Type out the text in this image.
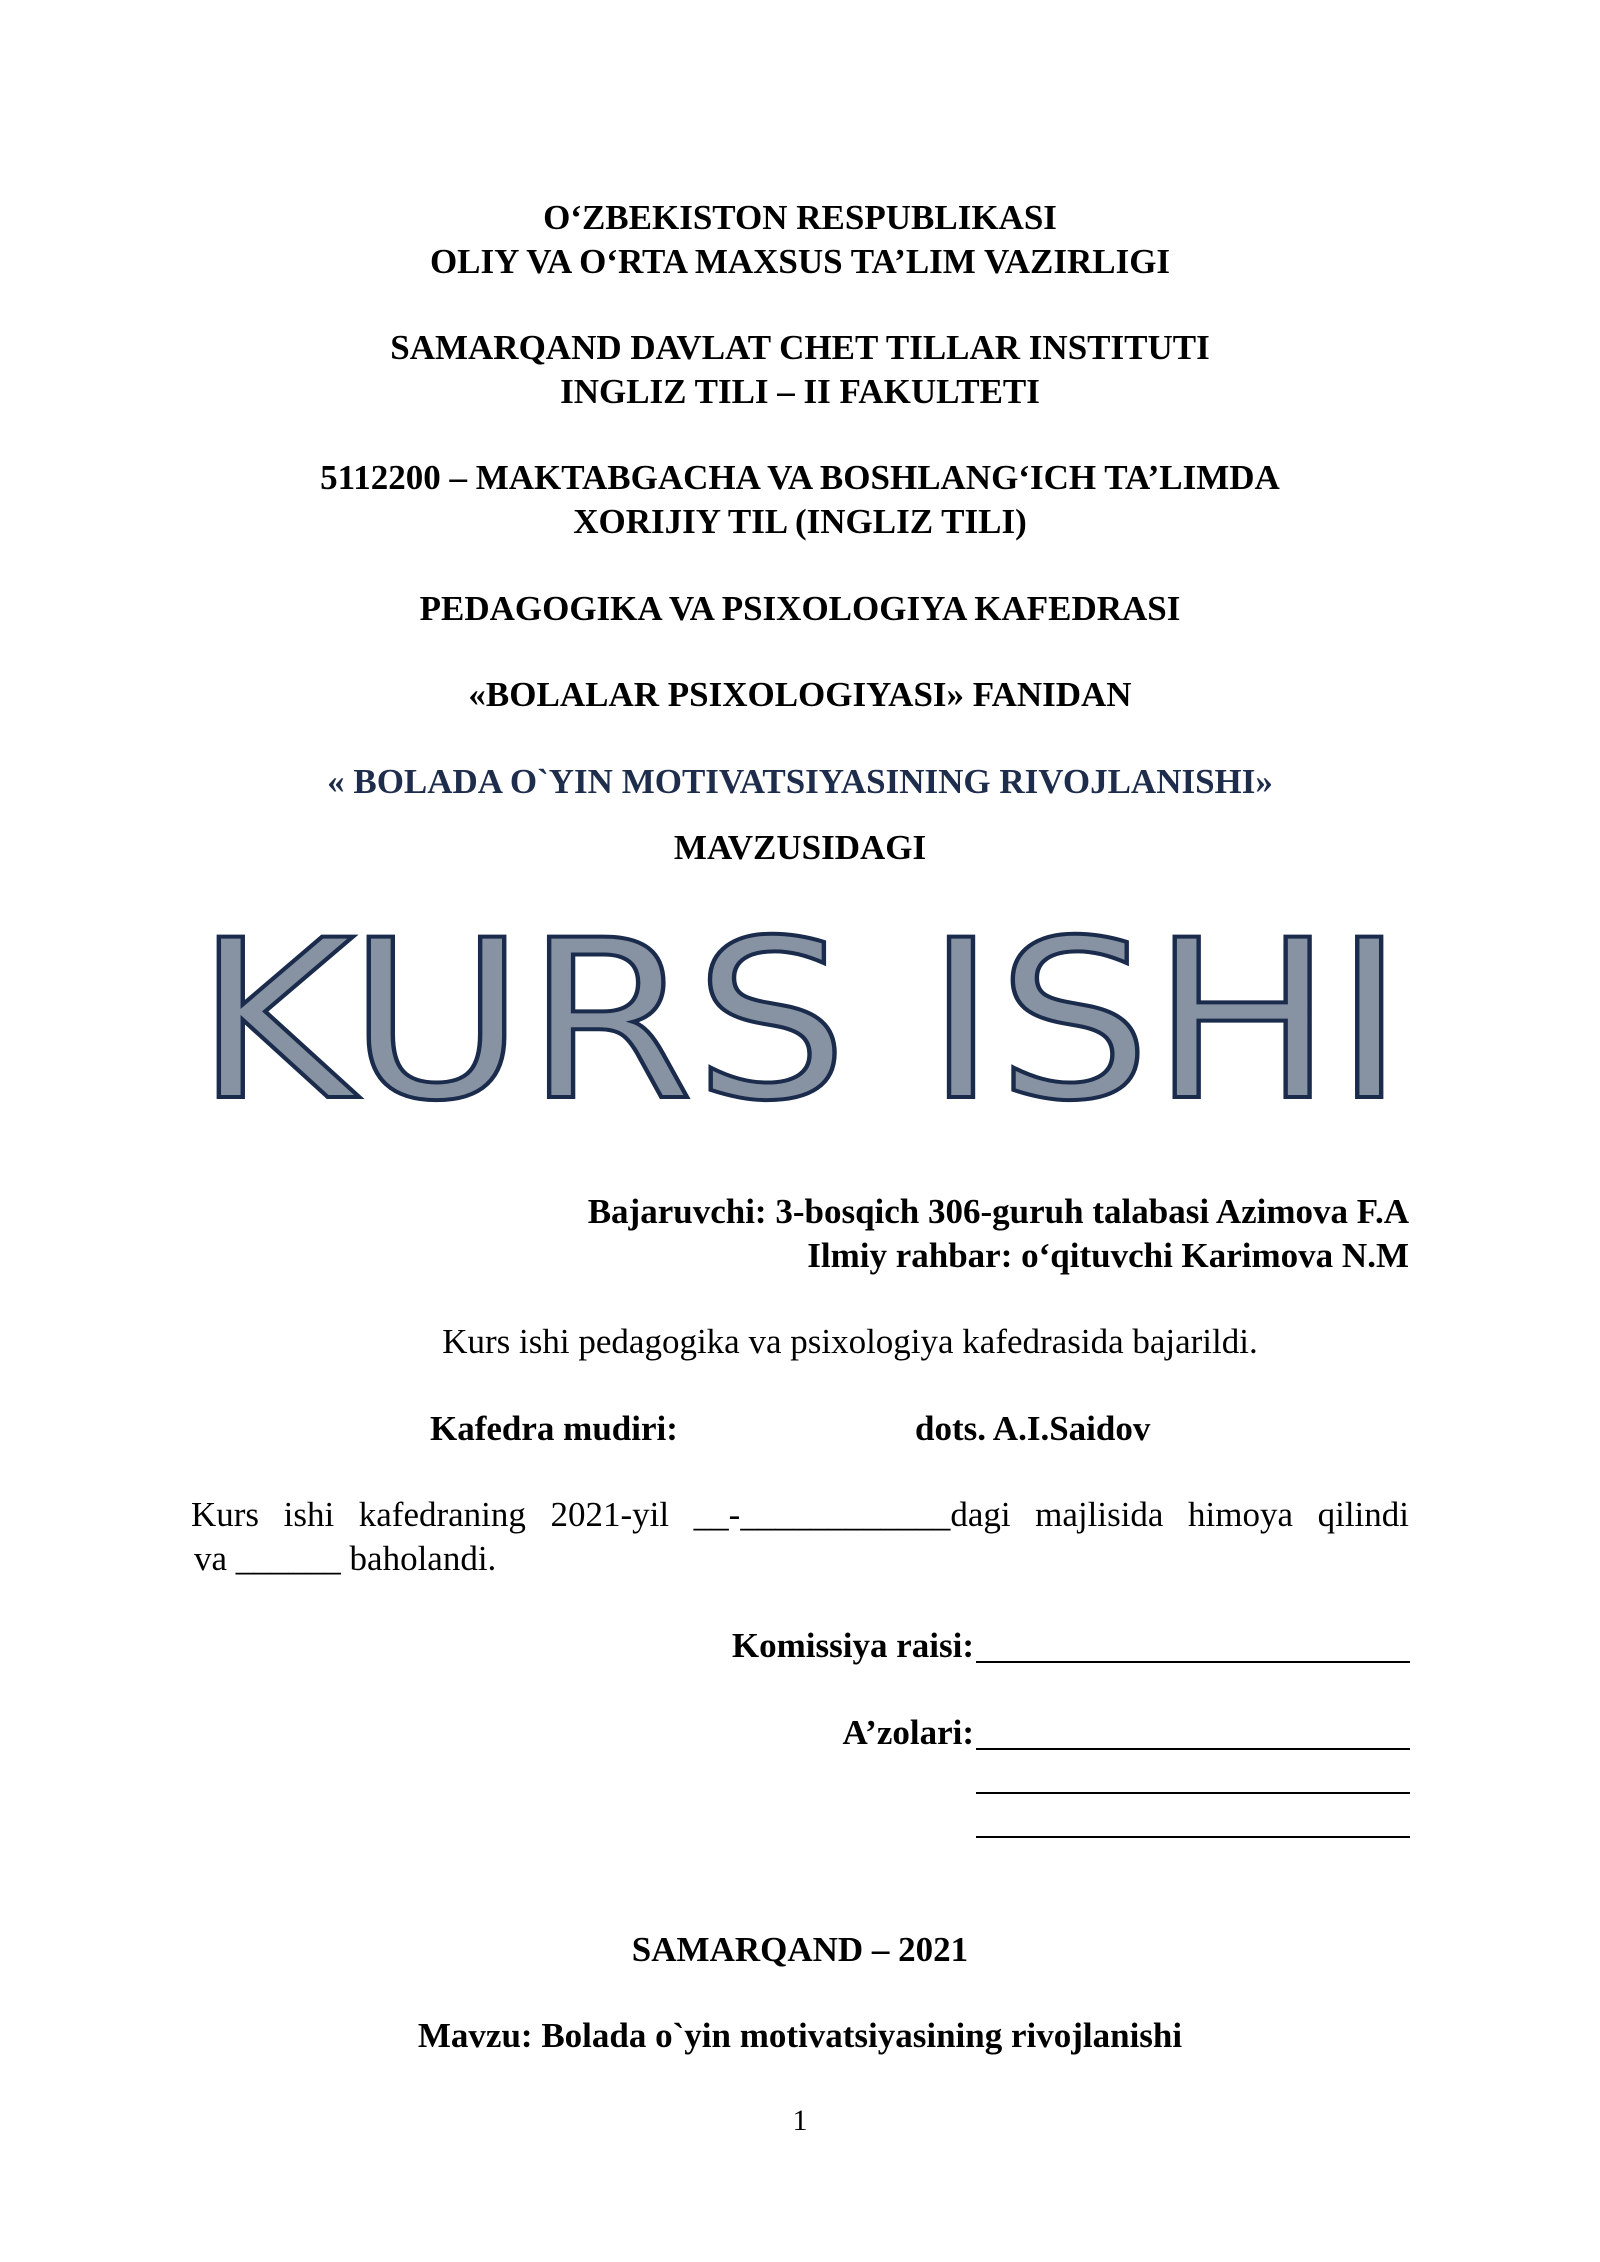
O‘ZBEKISTON RESPUBLIKASI
OLIY VA O‘RTA MAXSUS TA’LIM VAZIRLIGI
SAMARQAND DAVLAT CHET TILLAR INSTITUTI
INGLIZ TILI – II FAKULTETI
5112200 – MAKTABGACHA VA BOSHLANG‘ICH TA’LIMDA
XORIJIY TIL (INGLIZ TILI)
PEDAGOGIKA VA PSIXOLOGIYA KAFEDRASI
«BOLALAR PSIXOLOGIYASI» FANIDAN
« BOLADA O`YIN MOTIVATSIYASINING RIVOJLANISHI»
MAVZUSIDAGI
KURS ISHI
Bajaruvchi: 3-bosqich 306-guruh talabasi Azimova F.A
Ilmiy rahbar: o‘qituvchi Karimova N.M
Kurs ishi pedagogika va psixologiya kafedrasida bajarildi.
Kafedra mudiri:	dots. A.I.Saidov
Kurs ishi kafedraning 2021-yil __-____________dagi majlisida himoya qilindi
va ______ baholandi.
Komissiya raisi:
A’zolari:
SAMARQAND – 2021
Mavzu: Bolada o`yin motivatsiyasining rivojlanishi
1
